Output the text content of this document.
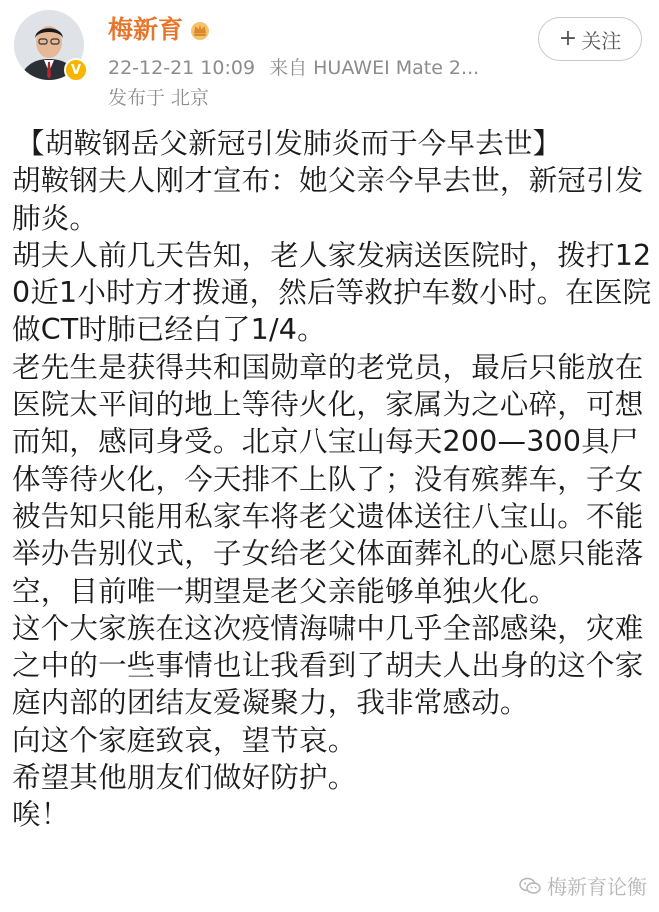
V
梅新育
22-12-21 10:09 来自 HUAWEI Mate 2...
发布于 北京
+ 关注

【胡鞍钢岳父新冠引发肺炎而于今早去世】

胡鞍钢夫人刚才宣布：她父亲今早去世，新冠引发肺炎。

胡夫人前几天告知，老人家发病送医院时，拨打120近1小时方才拨通，然后等救护车数小时。在医院做CT时肺已经白了1/4。

老先生是获得共和国勋章的老党员，最后只能放在医院太平间的地上等待火化，家属为之心碎，可想而知，感同身受。北京八宝山每天200—300具尸体等待火化，今天排不上队了；没有殡葬车，子女被告知只能用私家车将老父遗体送往八宝山。不能举办告别仪式，子女给老父体面葬礼的心愿只能落空，目前唯一期望是老父亲能够单独火化。

这个大家族在这次疫情海啸中几乎全部感染，灾难之中的一些事情也让我看到了胡夫人出身的这个家庭内部的团结友爱凝聚力，我非常感动。

向这个家庭致哀，望节哀。

希望其他朋友们做好防护。

唉！

梅新育论衡
